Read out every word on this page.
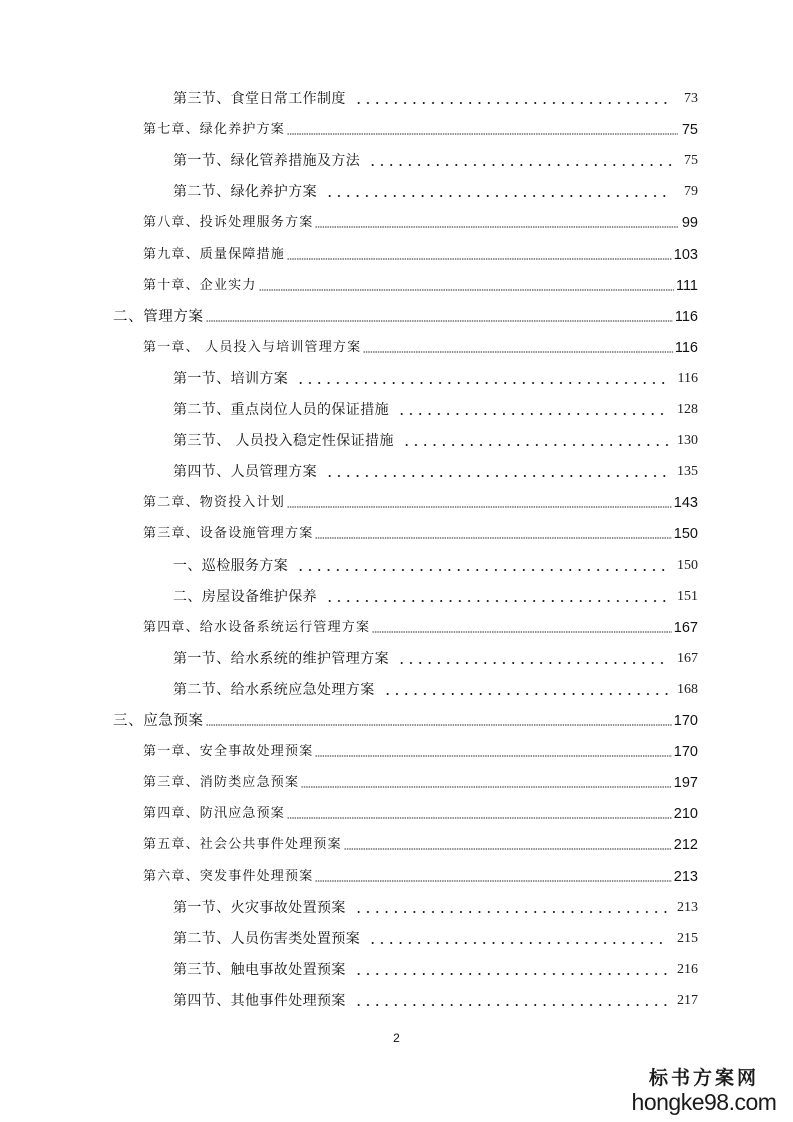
第三节、食堂日常工作制度	73
第七章、绿化养护方案	75
第一节、绿化管养措施及方法	75
第二节、绿化养护方案	79
第八章、投诉处理服务方案	99
第九章、质量保障措施	103
第十章、企业实力	111
二、管理方案	116
第一章、 人员投入与培训管理方案	116
第一节、培训方案	116
第二节、重点岗位人员的保证措施	128
第三节、 人员投入稳定性保证措施	130
第四节、人员管理方案	135
第二章、物资投入计划	143
第三章、设备设施管理方案	150
一、巡检服务方案	150
二、房屋设备维护保养	151
第四章、给水设备系统运行管理方案	167
第一节、给水系统的维护管理方案	167
第二节、给水系统应急处理方案	168
三、应急预案	170
第一章、安全事故处理预案	170
第三章、消防类应急预案	197
第四章、防汛应急预案	210
第五章、社会公共事件处理预案	212
第六章、突发事件处理预案	213
第一节、火灾事故处置预案	213
第二节、人员伤害类处置预案	215
第三节、触电事故处置预案	216
第四节、其他事件处理预案	217
2
标书方案网
hongke98.com
